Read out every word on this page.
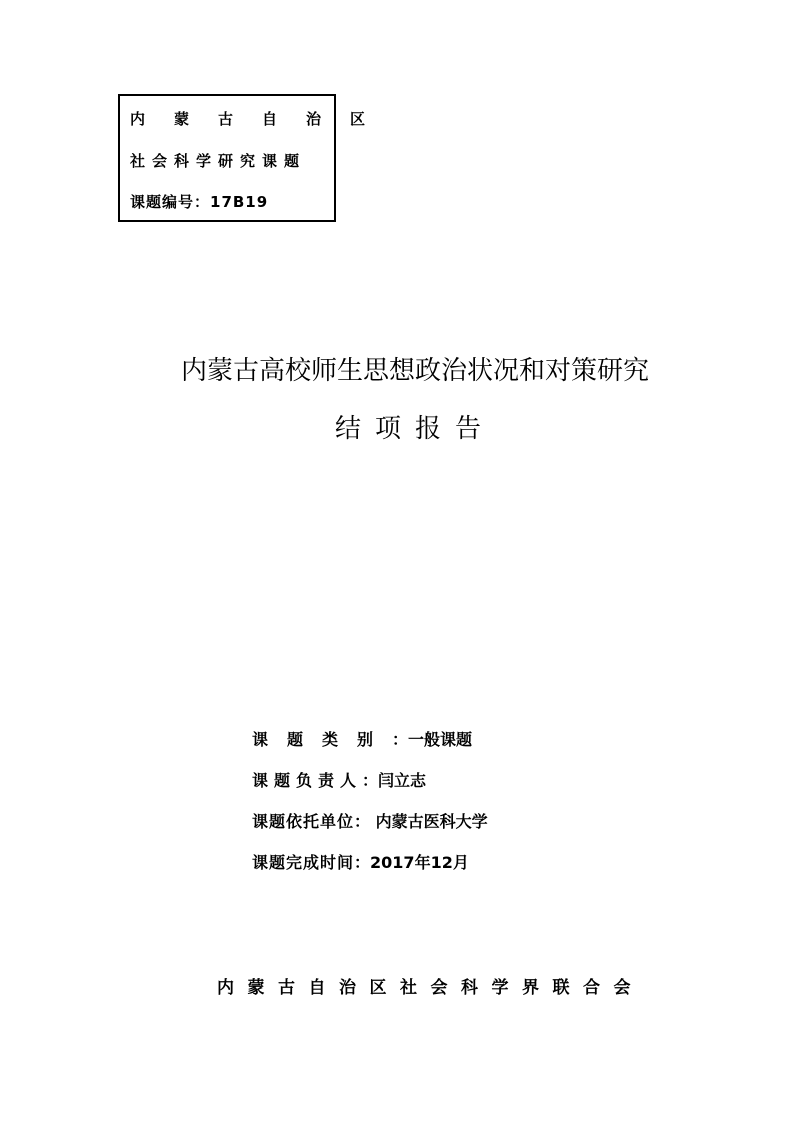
内蒙古自治区
社会科学研究课题
课题编号：17B19
内蒙古高校师生思想政治状况和对策研究
结项报告
课题类别：一般课题
课题负责人：闫立志
课题依托单位： 内蒙古医科大学
课题完成时间：2017年12月
内蒙古自治区社会科学界联合会
